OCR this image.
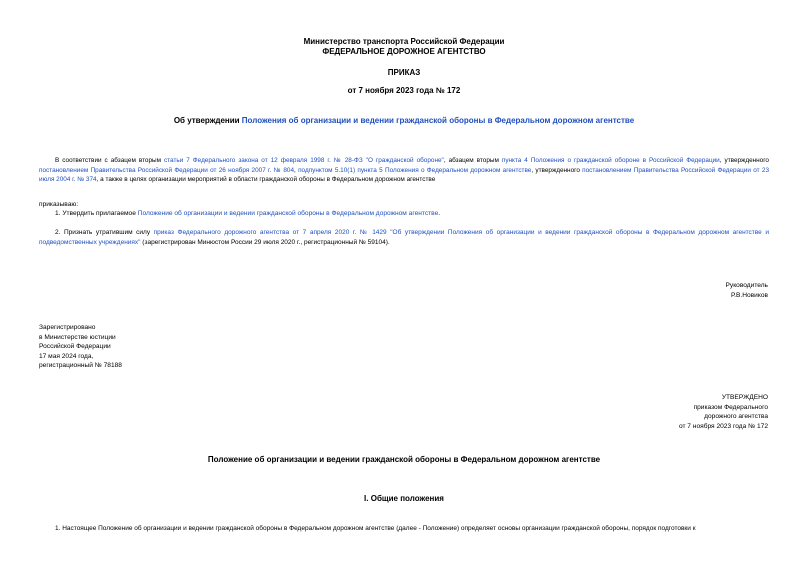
Министерство транспорта Российской Федерации
ФЕДЕРАЛЬНОЕ ДОРОЖНОЕ АГЕНТСТВО
ПРИКАЗ
от 7 ноября 2023 года № 172
Об утверждении Положения об организации и ведении гражданской обороны в Федеральном дорожном агентстве
В соответствии с абзацем вторым статьи 7 Федерального закона от 12 февраля 1998 г. № 28-ФЗ "О гражданской обороне", абзацем вторым пункта 4 Положения о гражданской обороне в Российской Федерации, утвержденного постановлением Правительства Российской Федерации от 26 ноября 2007 г. № 804, подпунктом 5.10(1) пункта 5 Положения о Федеральном дорожном агентстве, утвержденного постановлением Правительства Российской Федерации от 23 июля 2004 г. № 374, а также в целях организации мероприятий в области гражданской обороны в Федеральном дорожном агентстве
приказываю:
1. Утвердить прилагаемое Положение об организации и ведении гражданской обороны в Федеральном дорожном агентстве.
2. Признать утратившим силу приказ Федерального дорожного агентства от 7 апреля 2020 г. № 1429 "Об утверждении Положения об организации и ведении гражданской обороны в Федеральном дорожном агентстве и подведомственных учреждениях" (зарегистрирован Минюстом России 29 июля 2020 г., регистрационный № 59104).
Руководитель
Р.В.Новиков
Зарегистрировано
в Министерстве юстиции
Российской Федерации
17 мая 2024 года,
регистрационный № 78188
УТВЕРЖДЕНО
приказом Федерального
дорожного агентства
от 7 ноября 2023 года № 172
Положение об организации и ведении гражданской обороны в Федеральном дорожном агентстве
I. Общие положения
1. Настоящее Положение об организации и ведении гражданской обороны в Федеральном дорожном агентстве (далее - Положение) определяет основы организации гражданской обороны, порядок подготовки к
